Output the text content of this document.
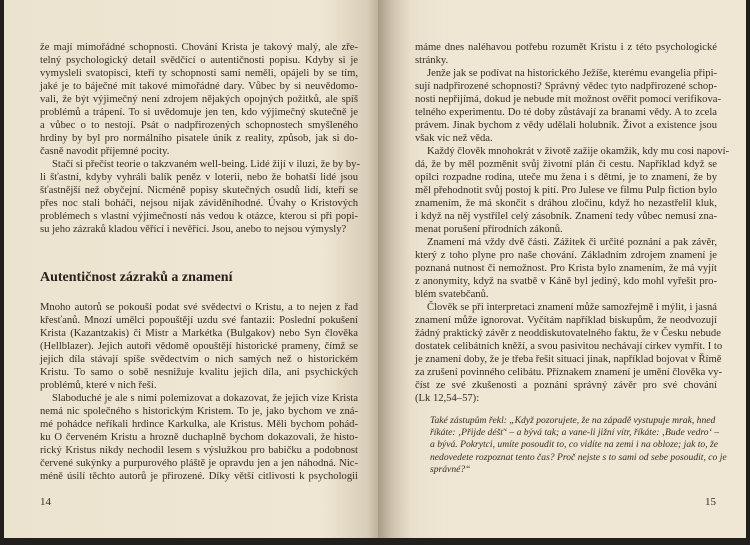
že mají mimořádné schopnosti. Chování Krista je takový malý, ale zře-
telný psychologický detail svědčící o autentičnosti popisu. Kdyby si je
vymysleli svatopisci, kteří ty schopnosti sami neměli, opájeli by se tím,
jaké je to báječné mít takové mimořádné dary. Vůbec by si neuvědomo-
vali, že být výjimečný není zdrojem nějakých opojných požitků, ale spíš
problémů a trápení. To si uvědomuje jen ten, kdo výjimečný skutečně je
a vůbec o to nestojí. Psát o nadpřirozených schopnostech smyšleného
hrdiny by byl pro normálního pisatele únik z reality, způsob, jak si do-
časně navodit příjemné pocity.
Stačí si přečíst teorie o takzvaném well-being. Lidé žijí v iluzi, že by by-
li šťastní, kdyby vyhráli balík peněz v loterii, nebo že bohatší lidé jsou
šťastnější než obyčejní. Nicméně popisy skutečných osudů lidí, kteří se
přes noc stali boháči, nejsou nijak záviděníhodné. Úvahy o Kristových
problémech s vlastní výjimečností nás vedou k otázce, kterou si při popi-
su jeho zázraků kladou věřící i nevěřící. Jsou, anebo to nejsou výmysly?
Autentičnost zázraků a znamení
Mnoho autorů se pokouší podat své svědectví o Kristu, a to nejen z řad
křesťanů. Mnozí umělci popouštějí uzdu své fantazii: Poslední pokušení
Krista (Kazantzakis) či Mistr a Markétka (Bulgakov) nebo Syn člověka
(Hellblazer). Jejich autoři vědomě opouštějí historické prameny, čímž se
jejich díla stávají spíše svědectvím o nich samých než o historickém
Kristu. To samo o sobě nesnižuje kvalitu jejich díla, ani psychických
problémů, které v nich řeší.
Slaboduché je ale s nimi polemizovat a dokazovat, že jejich vize Krista
nemá nic společného s historickým Kristem. To je, jako bychom ve zná-
mé pohádce neříkali hrdince Karkulka, ale Kristus. Měli bychom pohád-
ku O červeném Kristu a hrozně duchaplně bychom dokazovali, že histo-
rický Kristus nikdy nechodil lesem s výslužkou pro babičku a podobnost
červené sukýnky a purpurového pláště je opravdu jen a jen náhodná. Nic-
méně úsilí těchto autorů je přirozené. Díky větší citlivosti k psychologii
14
máme dnes naléhavou potřebu rozumět Kristu i z této psychologické
stránky.
Jenže jak se podívat na historického Ježíše, kterému evangelia připi-
sují nadpřirozené schopnosti? Správný vědec tyto nadpřirozené schop-
nosti nepřijímá, dokud je nebude mít možnost ověřit pomocí verifikova-
telného experimentu. Do té doby zůstávají za branami vědy. A to zcela
právem. Jinak bychom z vědy udělali holubník. Život a existence jsou
však víc než věda.
Každý člověk mnohokrát v životě zažije okamžik, kdy mu cosi napoví-
dá, že by měl pozměnit svůj životní plán či cestu. Například když se
opilci rozpadne rodina, uteče mu žena i s dětmi, je to znamení, že by
měl přehodnotit svůj postoj k pití. Pro Julese ve filmu Pulp fiction bylo
znamením, že má skončit s dráhou zločinu, když ho nezastřelil kluk,
i když na něj vystřílel celý zásobník. Znamení tedy vůbec nemusí zna-
menat porušení přírodních zákonů.
Znamení má vždy dvě části. Zážitek či určité poznání a pak závěr,
který z toho plyne pro naše chování. Základním zdrojem znamení je
poznaná nutnost či nemožnost. Pro Krista bylo znamením, že má vyjít
z anonymity, když na svatbě v Káně byl jediný, kdo mohl vyřešit pro-
blém svatebčanů.
Člověk se při interpretaci znamení může samozřejmě i mýlit, i jasná
znamení může ignorovat. Vyčítám například biskupům, že neodvozují
žádný praktický závěr z neoddiskutovatelného faktu, že v Česku nebude
dostatek celibátních kněží, a svou pasivitou nechávají církev vymřít. I to
je znamení doby, že je třeba řešit situaci jinak, například bojovat v Římě
za zrušení povinného celibátu. Příznakem znamení je umění člověka vy-
číst ze své zkušenosti a poznání správný závěr pro své chování
(Lk 12,54–57):
Také zástupům řekl: „Když pozorujete, že na západě vystupuje mrak, hned
říkáte: ‚Přijde déšť‘ – a bývá tak; a vane-li jižní vítr, říkáte: ‚Bude vedro‘ –
a bývá. Pokrytci, umíte posoudit to, co vidíte na zemi i na obloze; jak to, že
nedovedete rozpoznat tento čas? Proč nejste s to sami od sebe posoudit, co je
správné?“
15
